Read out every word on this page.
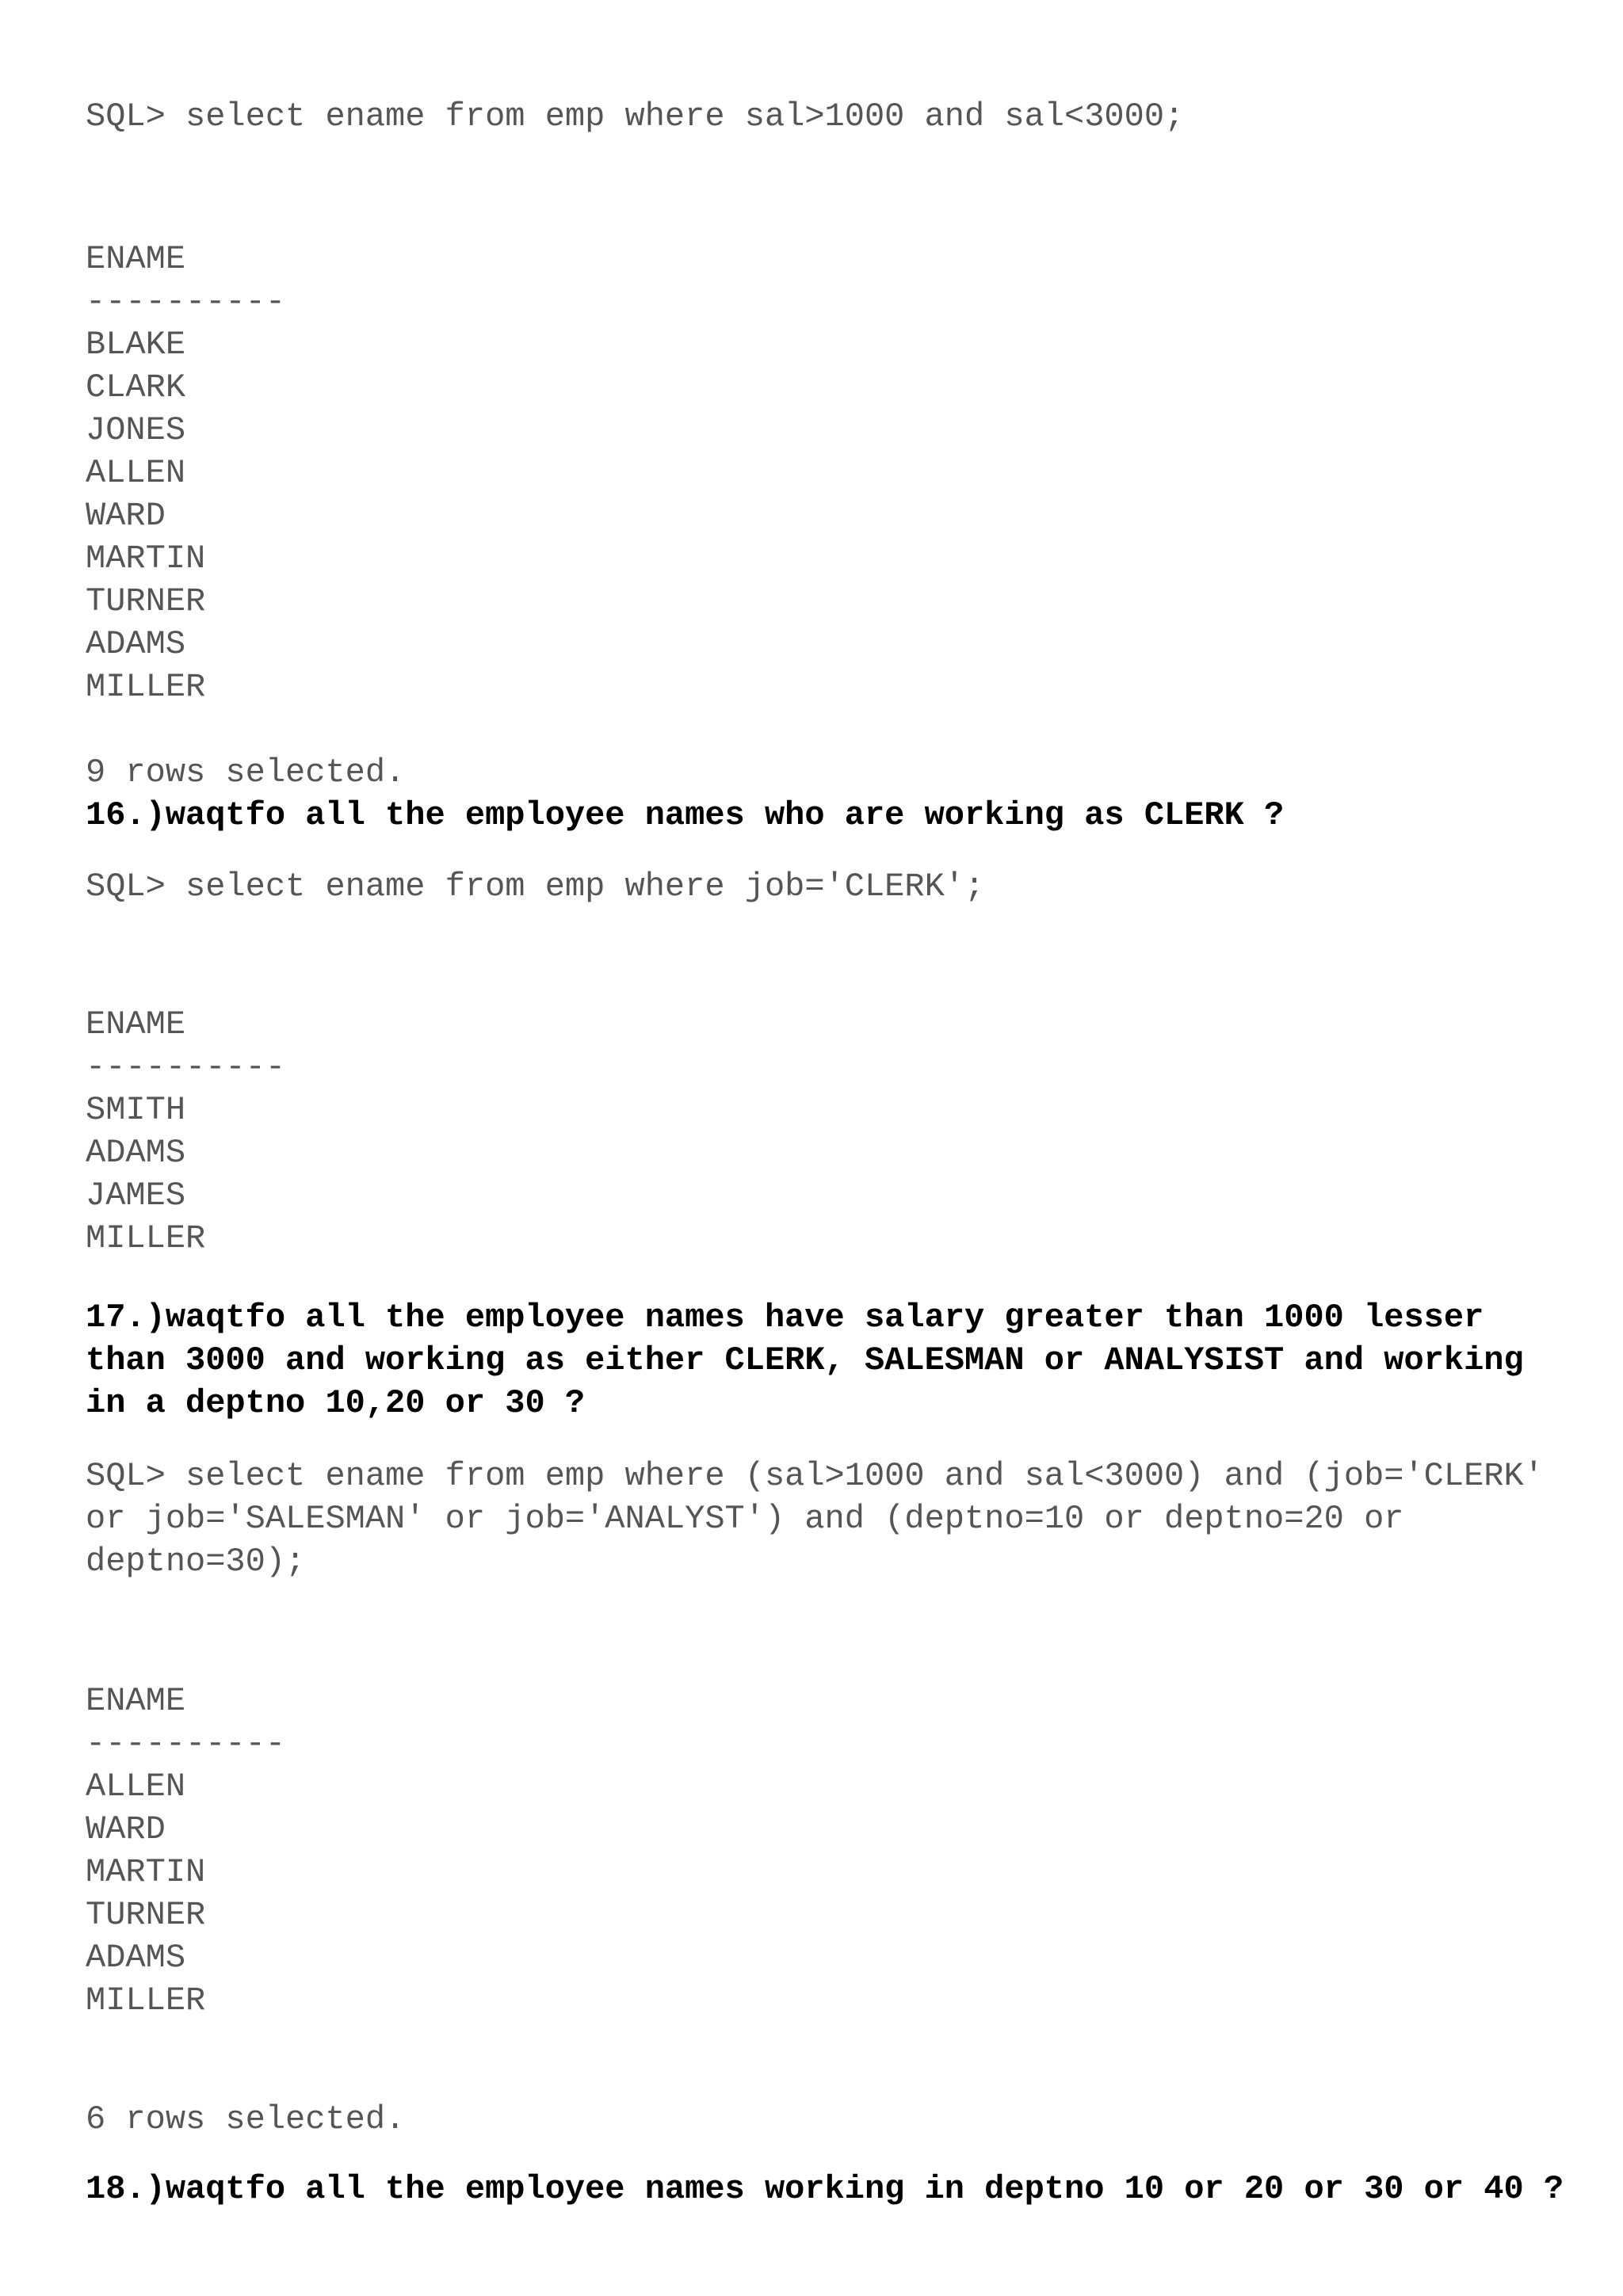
SQL> select ename from emp where sal>1000 and sal<3000;
ENAME
----------
BLAKE
CLARK
JONES
ALLEN
WARD
MARTIN
TURNER
ADAMS
MILLER
9 rows selected.
16.)waqtfo all the employee names who are working as CLERK ?
SQL> select ename from emp where job='CLERK';
ENAME
----------
SMITH
ADAMS
JAMES
MILLER
17.)waqtfo all the employee names have salary greater than 1000 lesser
than 3000 and working as either CLERK, SALESMAN or ANALYSIST and working
in a deptno 10,20 or 30 ?
SQL> select ename from emp where (sal>1000 and sal<3000) and (job='CLERK'
or job='SALESMAN' or job='ANALYST') and (deptno=10 or deptno=20 or
deptno=30);
ENAME
----------
ALLEN
WARD
MARTIN
TURNER
ADAMS
MILLER
6 rows selected.
18.)waqtfo all the employee names working in deptno 10 or 20 or 30 or 40 ?
